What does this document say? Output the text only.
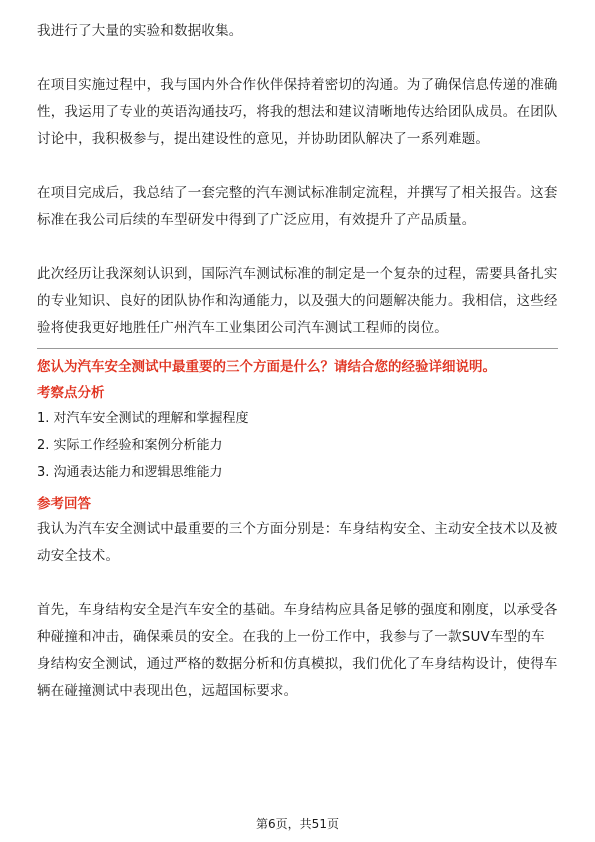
我进行了大量的实验和数据收集。

在项目实施过程中，我与国内外合作伙伴保持着密切的沟通。为了确保信息传递的准确性，我运用了专业的英语沟通技巧，将我的想法和建议清晰地传达给团队成员。在团队讨论中，我积极参与，提出建设性的意见，并协助团队解决了一系列难题。

在项目完成后，我总结了一套完整的汽车测试标准制定流程，并撰写了相关报告。这套标准在我公司后续的车型研发中得到了广泛应用，有效提升了产品质量。

此次经历让我深刻认识到，国际汽车测试标准的制定是一个复杂的过程，需要具备扎实的专业知识、良好的团队协作和沟通能力，以及强大的问题解决能力。我相信，这些经验将使我更好地胜任广州汽车工业集团公司汽车测试工程师的岗位。

您认为汽车安全测试中最重要的三个方面是什么？请结合您的经验详细说明。

考察点分析

1. 对汽车安全测试的理解和掌握程度
2. 实际工作经验和案例分析能力
3. 沟通表达能力和逻辑思维能力

参考回答

我认为汽车安全测试中最重要的三个方面分别是：车身结构安全、主动安全技术以及被动安全技术。

首先，车身结构安全是汽车安全的基础。车身结构应具备足够的强度和刚度，以承受各种碰撞和冲击，确保乘员的安全。在我的上一份工作中，我参与了一款SUV车型的车身结构安全测试，通过严格的数据分析和仿真模拟，我们优化了车身结构设计，使得车辆在碰撞测试中表现出色，远超国标要求。

第6页，共51页
